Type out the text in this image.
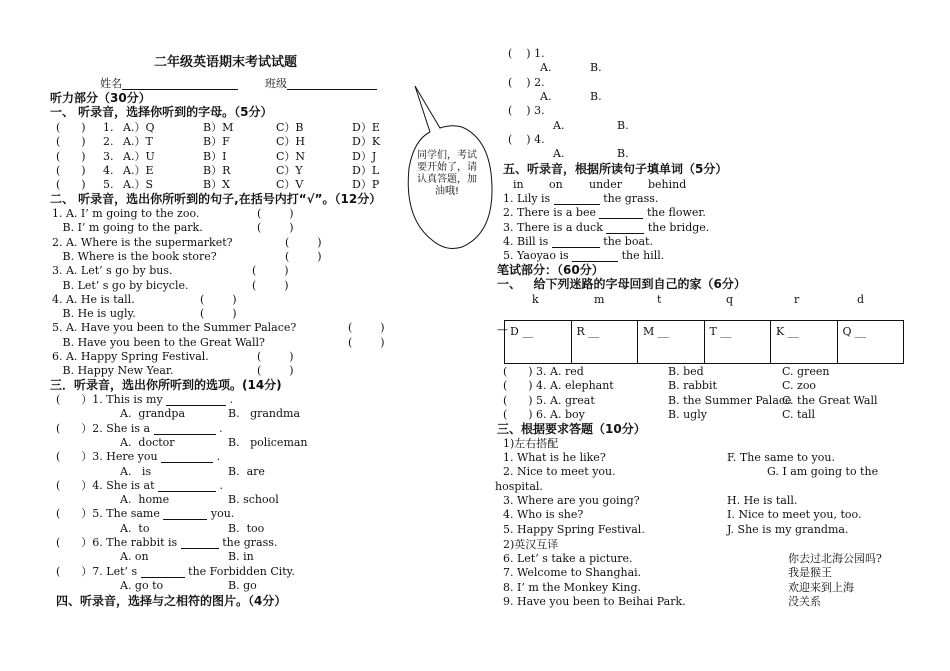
二年级英语期末考试试题
姓名	班级
听力部分（30分）
一、 听录音，选择你听到的字母。（5分）
(      ) 1. A.）Q	B）M	C）B	D）E
(      ) 2. A.）T	B）F	C）H	D）K
(      ) 3. A.）U	B）I	C）N	D）J
(      ) 4. A.）E	B）R	C）Y	D）L
(      ) 5. A.）S	B）X	C）V	D）P
二、 听录音，选出你所听到的句子,在括号内打“√”。（12分）
1. A. I’ m going to the zoo.	(        )
B. I’ m going to the park.	(        )
2. A. Where is the supermarket?	(        )
B. Where is the book store?	(        )
3. A. Let’ s go by bus.	(        )
B. Let’ s go by bicycle.	(        )
4. A. He is tall.	(        )
B. He is ugly.	(        )
5. A. Have you been to the Summer Palace?	(        )
B. Have you been to the Great Wall?	(        )
6. A. Happy Spring Festival.	(        )
B. Happy New Year.	(        )
三．听录音，选出你所听到的选项。(14分)
(      ）1. This is my	.
A.  grandpa	B.   grandma
(      ）2. She is a	.
A.  doctor	B.   policeman
(      ）3. Here you	.
A.   is	B.  are
(      ）4. She is at	.
A.  home	B. school
(      ）5. The same	you.
A.  to	B.  too
(      ）6. The rabbit is	the grass.
A. on	B. in
(      ）7. Let’ s	the Forbidden City.
A. go to	B. go
四、听录音，选择与之相符的图片。（4分）
(    ) 1.
A.	B.
(    ) 2.
A.	B.
(    ) 3.
A.	B.
(    ) 4.
A.	B.
同学们，考试要开始了，请认真答题，加油哦!
五、听录音，根据所读句子填单词（5分）
in on under behind
1. Lily is	the grass.
2. There is a bee	the flower.
3. There is a duck	the bridge.
4. Bill is	the boat.
5. Yaoyao is	the hill.
笔试部分：（60分）
一、   给下列迷路的字母回到自己的家（6分）
k	m	t	q	r	d
— D __	R __	M __	T __	K __	Q __
(      ) 3. A. red	B. bed	C. green
(      ) 4. A. elephant	B. rabbit	C. zoo
(      ) 5. A. great	B. the Summer Palace
C. the Great Wall
(      ) 6. A. boy	B. ugly	C. tall
三、根据要求答题（10分）
1)左右搭配
1. What is he like?	F. The same to you.
2. Nice to meet you.	G. I am going to the
hospital.
3. Where are you going?	H. He is tall.
4. Who is she?	I. Nice to meet you, too.
5. Happy Spring Festival.	J. She is my grandma.
2)英汉互译
6. Let’ s take a picture.	你去过北海公园吗?
7. Welcome to Shanghai.	我是猴王
8. I’ m the Monkey King.	欢迎来到上海
9. Have you been to Beihai Park.	没关系
